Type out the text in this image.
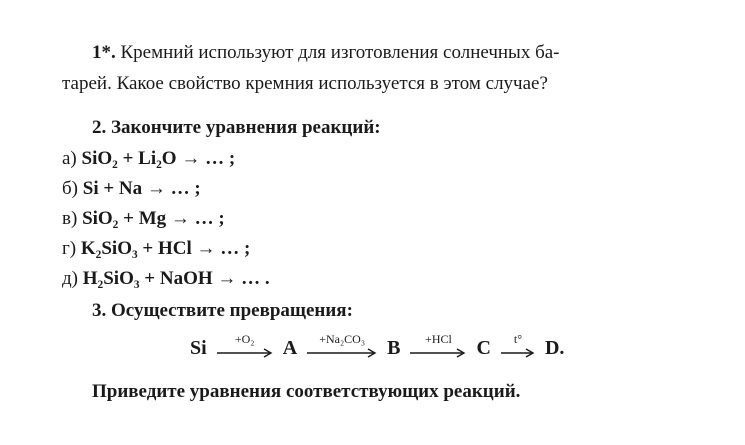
1*. Кремний используют для изготовления солнечных ба-
тарей. Какое свойство кремния используется в этом случае?
2. Закончите уравнения реакций:
а) SiO₂ + Li₂O → … ;
б) Si + Na → … ;
в) SiO₂ + Mg → … ;
г) K₂SiO₃ + HCl → … ;
д) H₂SiO₃ + NaOH → … .
3. Осуществите превращения:
Si	+O₂	A	+Na₂CO₃	B	+HCl	C	t°	D.
Приведите уравнения соответствующих реакций.
